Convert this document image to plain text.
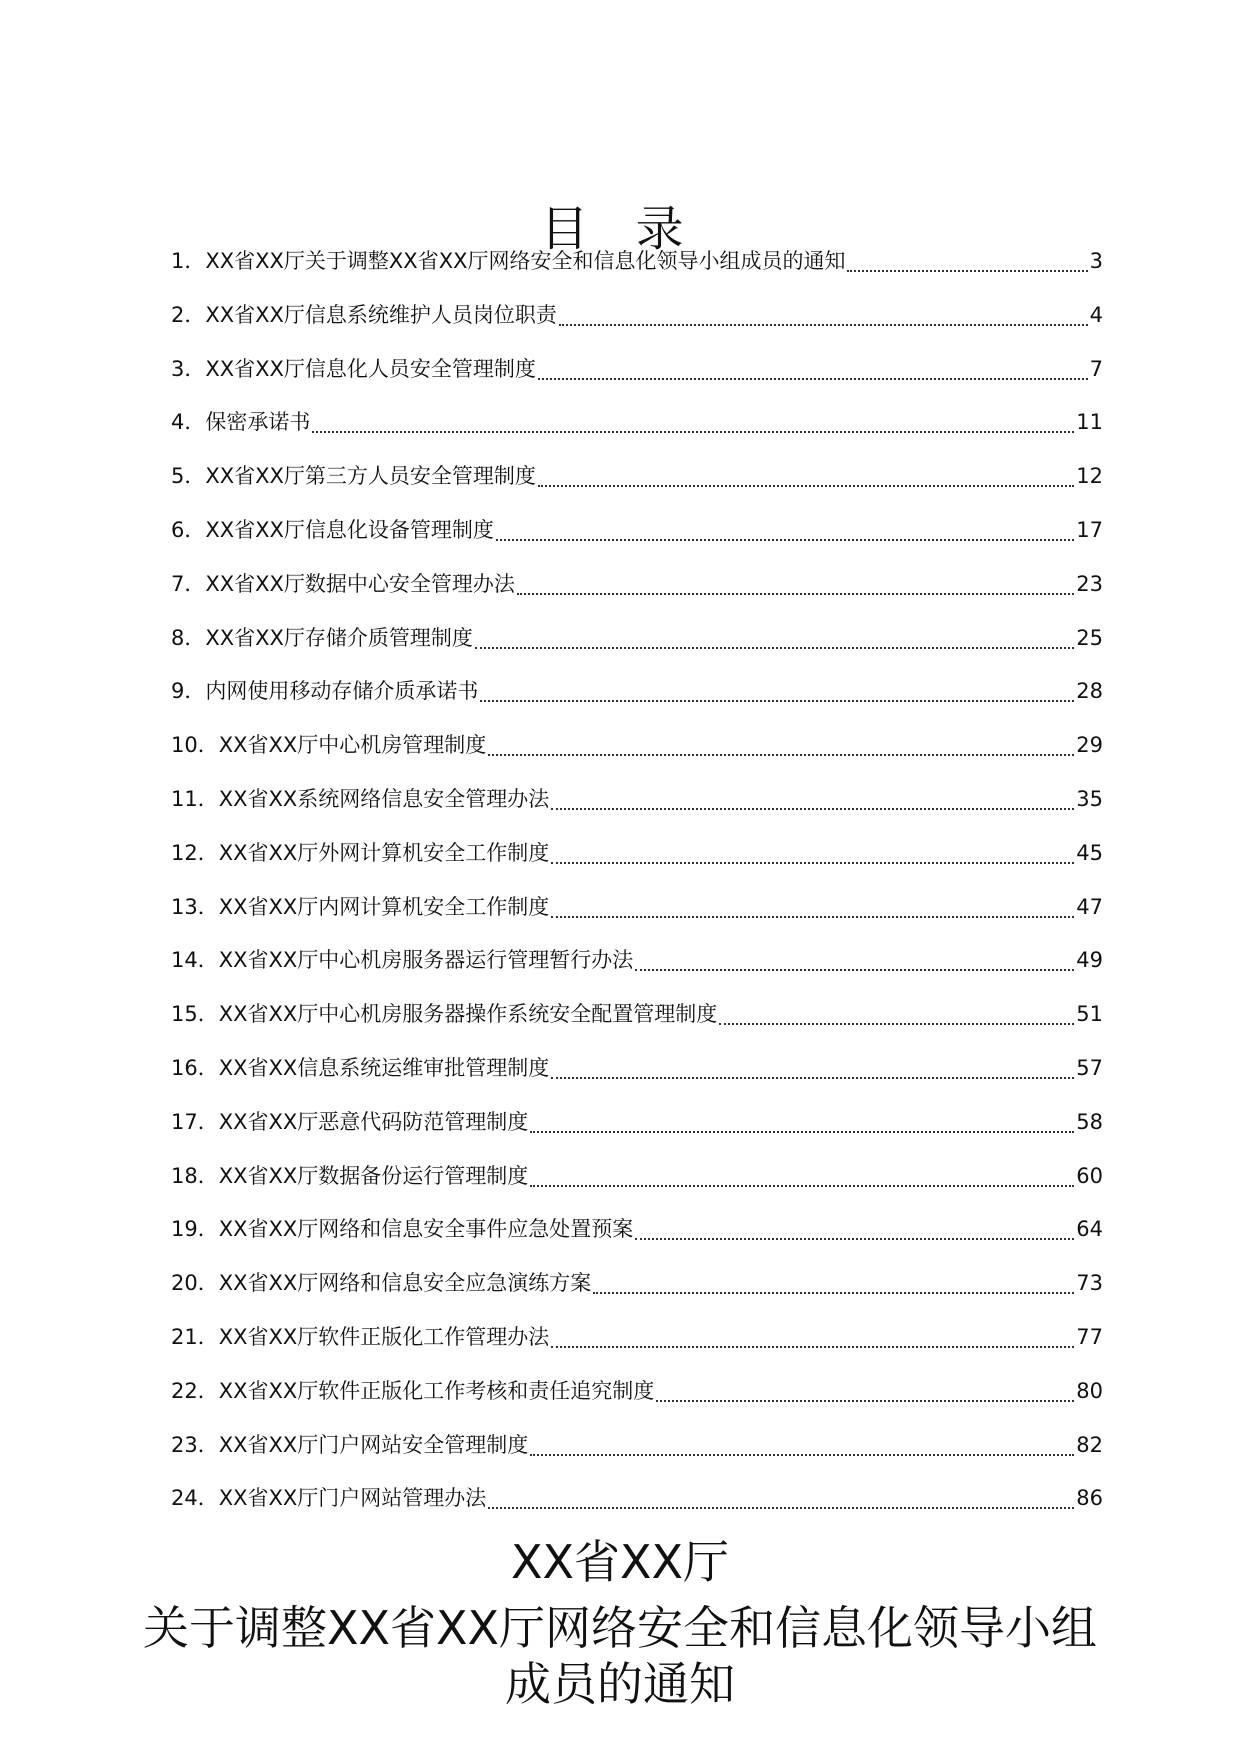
目 录
1． XX省XX厅关于调整XX省XX厅网络安全和信息化领导小组成员的通知	3
2． XX省XX厅信息系统维护人员岗位职责	4
3． XX省XX厅信息化人员安全管理制度	7
4． 保密承诺书	11
5． XX省XX厅第三方人员安全管理制度	12
6． XX省XX厅信息化设备管理制度	17
7． XX省XX厅数据中心安全管理办法	23
8． XX省XX厅存储介质管理制度	25
9． 内网使用移动存储介质承诺书	28
10． XX省XX厅中心机房管理制度	29
11． XX省XX系统网络信息安全管理办法	35
12． XX省XX厅外网计算机安全工作制度	45
13． XX省XX厅内网计算机安全工作制度	47
14． XX省XX厅中心机房服务器运行管理暂行办法	49
15． XX省XX厅中心机房服务器操作系统安全配置管理制度	51
16． XX省XX信息系统运维审批管理制度	57
17． XX省XX厅恶意代码防范管理制度	58
18． XX省XX厅数据备份运行管理制度	60
19． XX省XX厅网络和信息安全事件应急处置预案	64
20． XX省XX厅网络和信息安全应急演练方案	73
21． XX省XX厅软件正版化工作管理办法	77
22． XX省XX厅软件正版化工作考核和责任追究制度	80
23． XX省XX厅门户网站安全管理制度	82
24． XX省XX厅门户网站管理办法	86
XX省XX厅
关于调整XX省XX厅网络安全和信息化领导小组成员的通知
